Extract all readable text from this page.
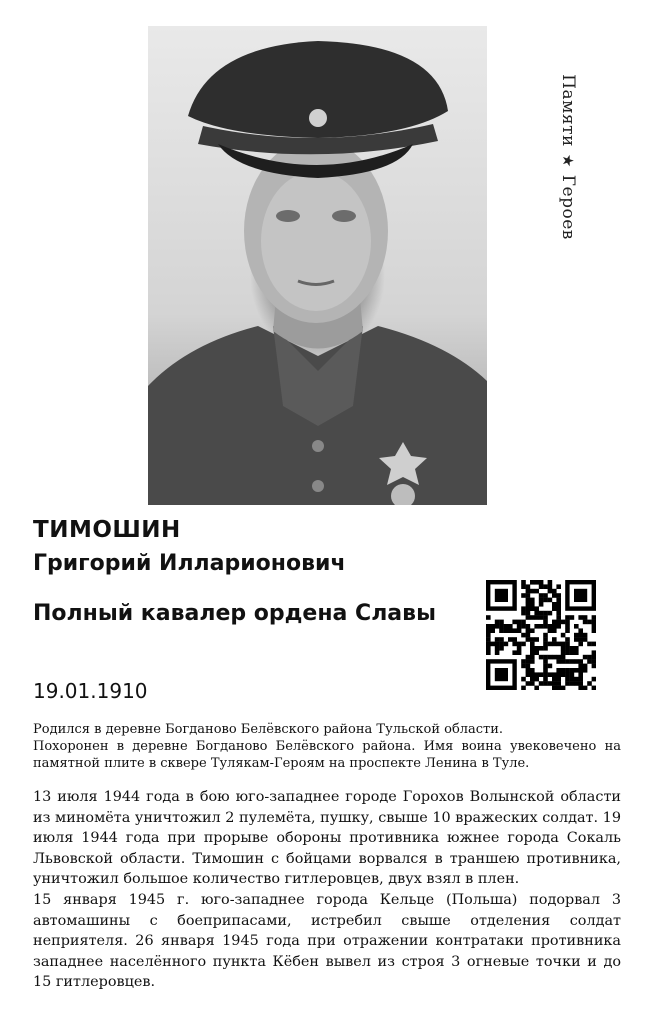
Памяти★Героев
ТИМОШИН
Григорий Илларионович
Полный кавалер ордена Славы
19.01.1910
Родился в деревне Богданово Белёвского района Тульской области.
Похоронен в деревне Богданово Белёвского района. Имя воина увековечено на памятной плите в сквере Тулякам-Героям на проспекте Ленина в Туле.

13 июля 1944 года в бою юго-западнее городе Горохов Волынской области из миномёта уничтожил 2 пулемёта, пушку, свыше 10 вражеских солдат. 19 июля 1944 года при прорыве обороны противника южнее города Сокаль Львовской области. Тимошин с бойцами ворвался в траншею противника, уничтожил большое количество гитлеровцев, двух взял в плен.

15 января 1945 г. юго-западнее города Кельце (Польша) подорвал 3 автомашины с боеприпасами, истребил свыше отделения солдат неприятеля. 26 января 1945 года при отражении контратаки противника западнее населённого пункта Кёбен вывел из строя 3 огневые точки и до 15 гитлеровцев.
